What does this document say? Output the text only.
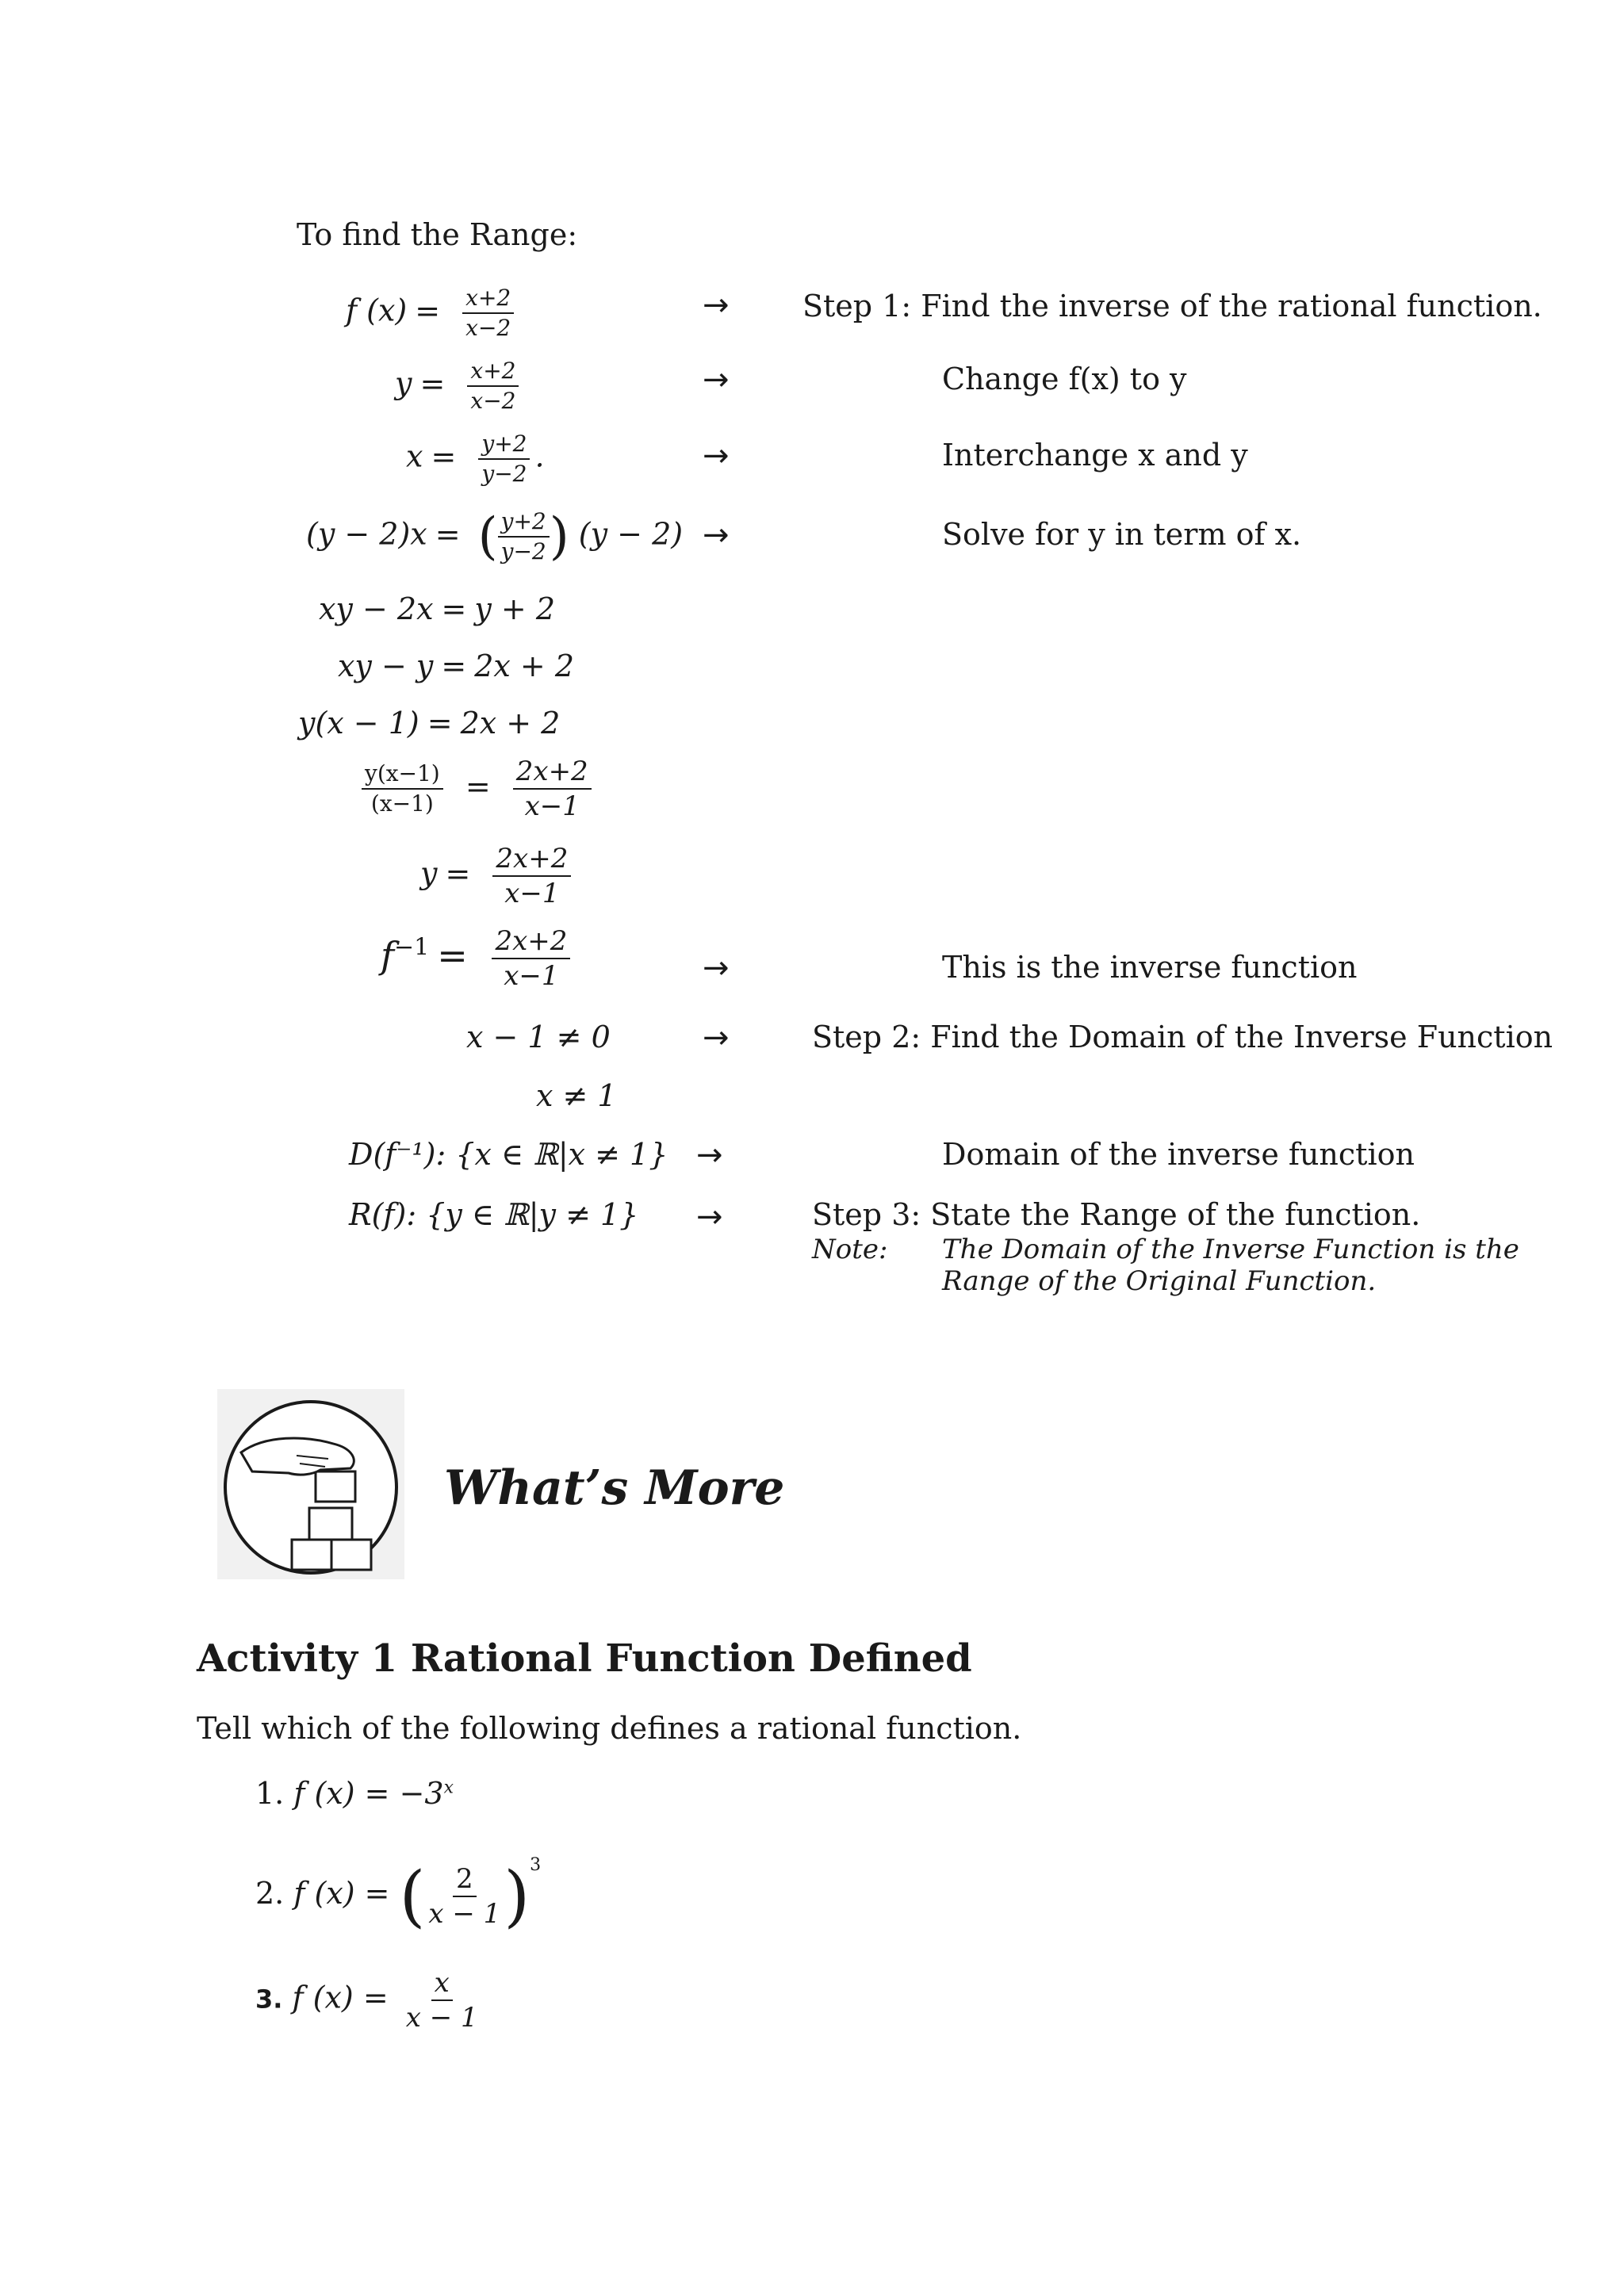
To find the Range:
f $(x) = \frac{x+2}{x-2}$	→ Step 1: Find the inverse of the rational function.
$y = \frac{x+2}{x-2}$	→	Change f(x) to y
$x = \frac{y+2}{y-2}$ .	→	Interchange x and y
(y − 2)x = ( $\frac{y+2}{y-2}$ ) (y − 2) →	Solve for y in term of x.
xy − 2x = y + 2
xy − y = 2x + 2
y(x − 1) = 2x + 2
$\frac{y(x-1)}{(x-1)} = \frac{2x+2}{x-1}$
$y = \frac{2x+2}{x-1}$
$f^{-1} = \frac{2x+2}{x-1}$	→	This is the inverse function
x − 1 ≠ 0	→	Step 2: Find the Domain of the Inverse Function
x ≠ 1
D(f⁻¹): {x ∈ ℝ|x ≠ 1} →	Domain of the inverse function
R(f): {y ∈ ℝ|y ≠ 1} →	Step 3: State the Range of the function.
Note: The Domain of the Inverse Function is the
Range of the Original Function.
What’s More
Activity 1 Rational Function Defined
Tell which of the following defines a rational function.
1. f $(x) = -3^x$
2. f (x) = ( $\frac{2}{x - 1} )^3$
3. f $(x) = \frac{x}{x - 1}$
